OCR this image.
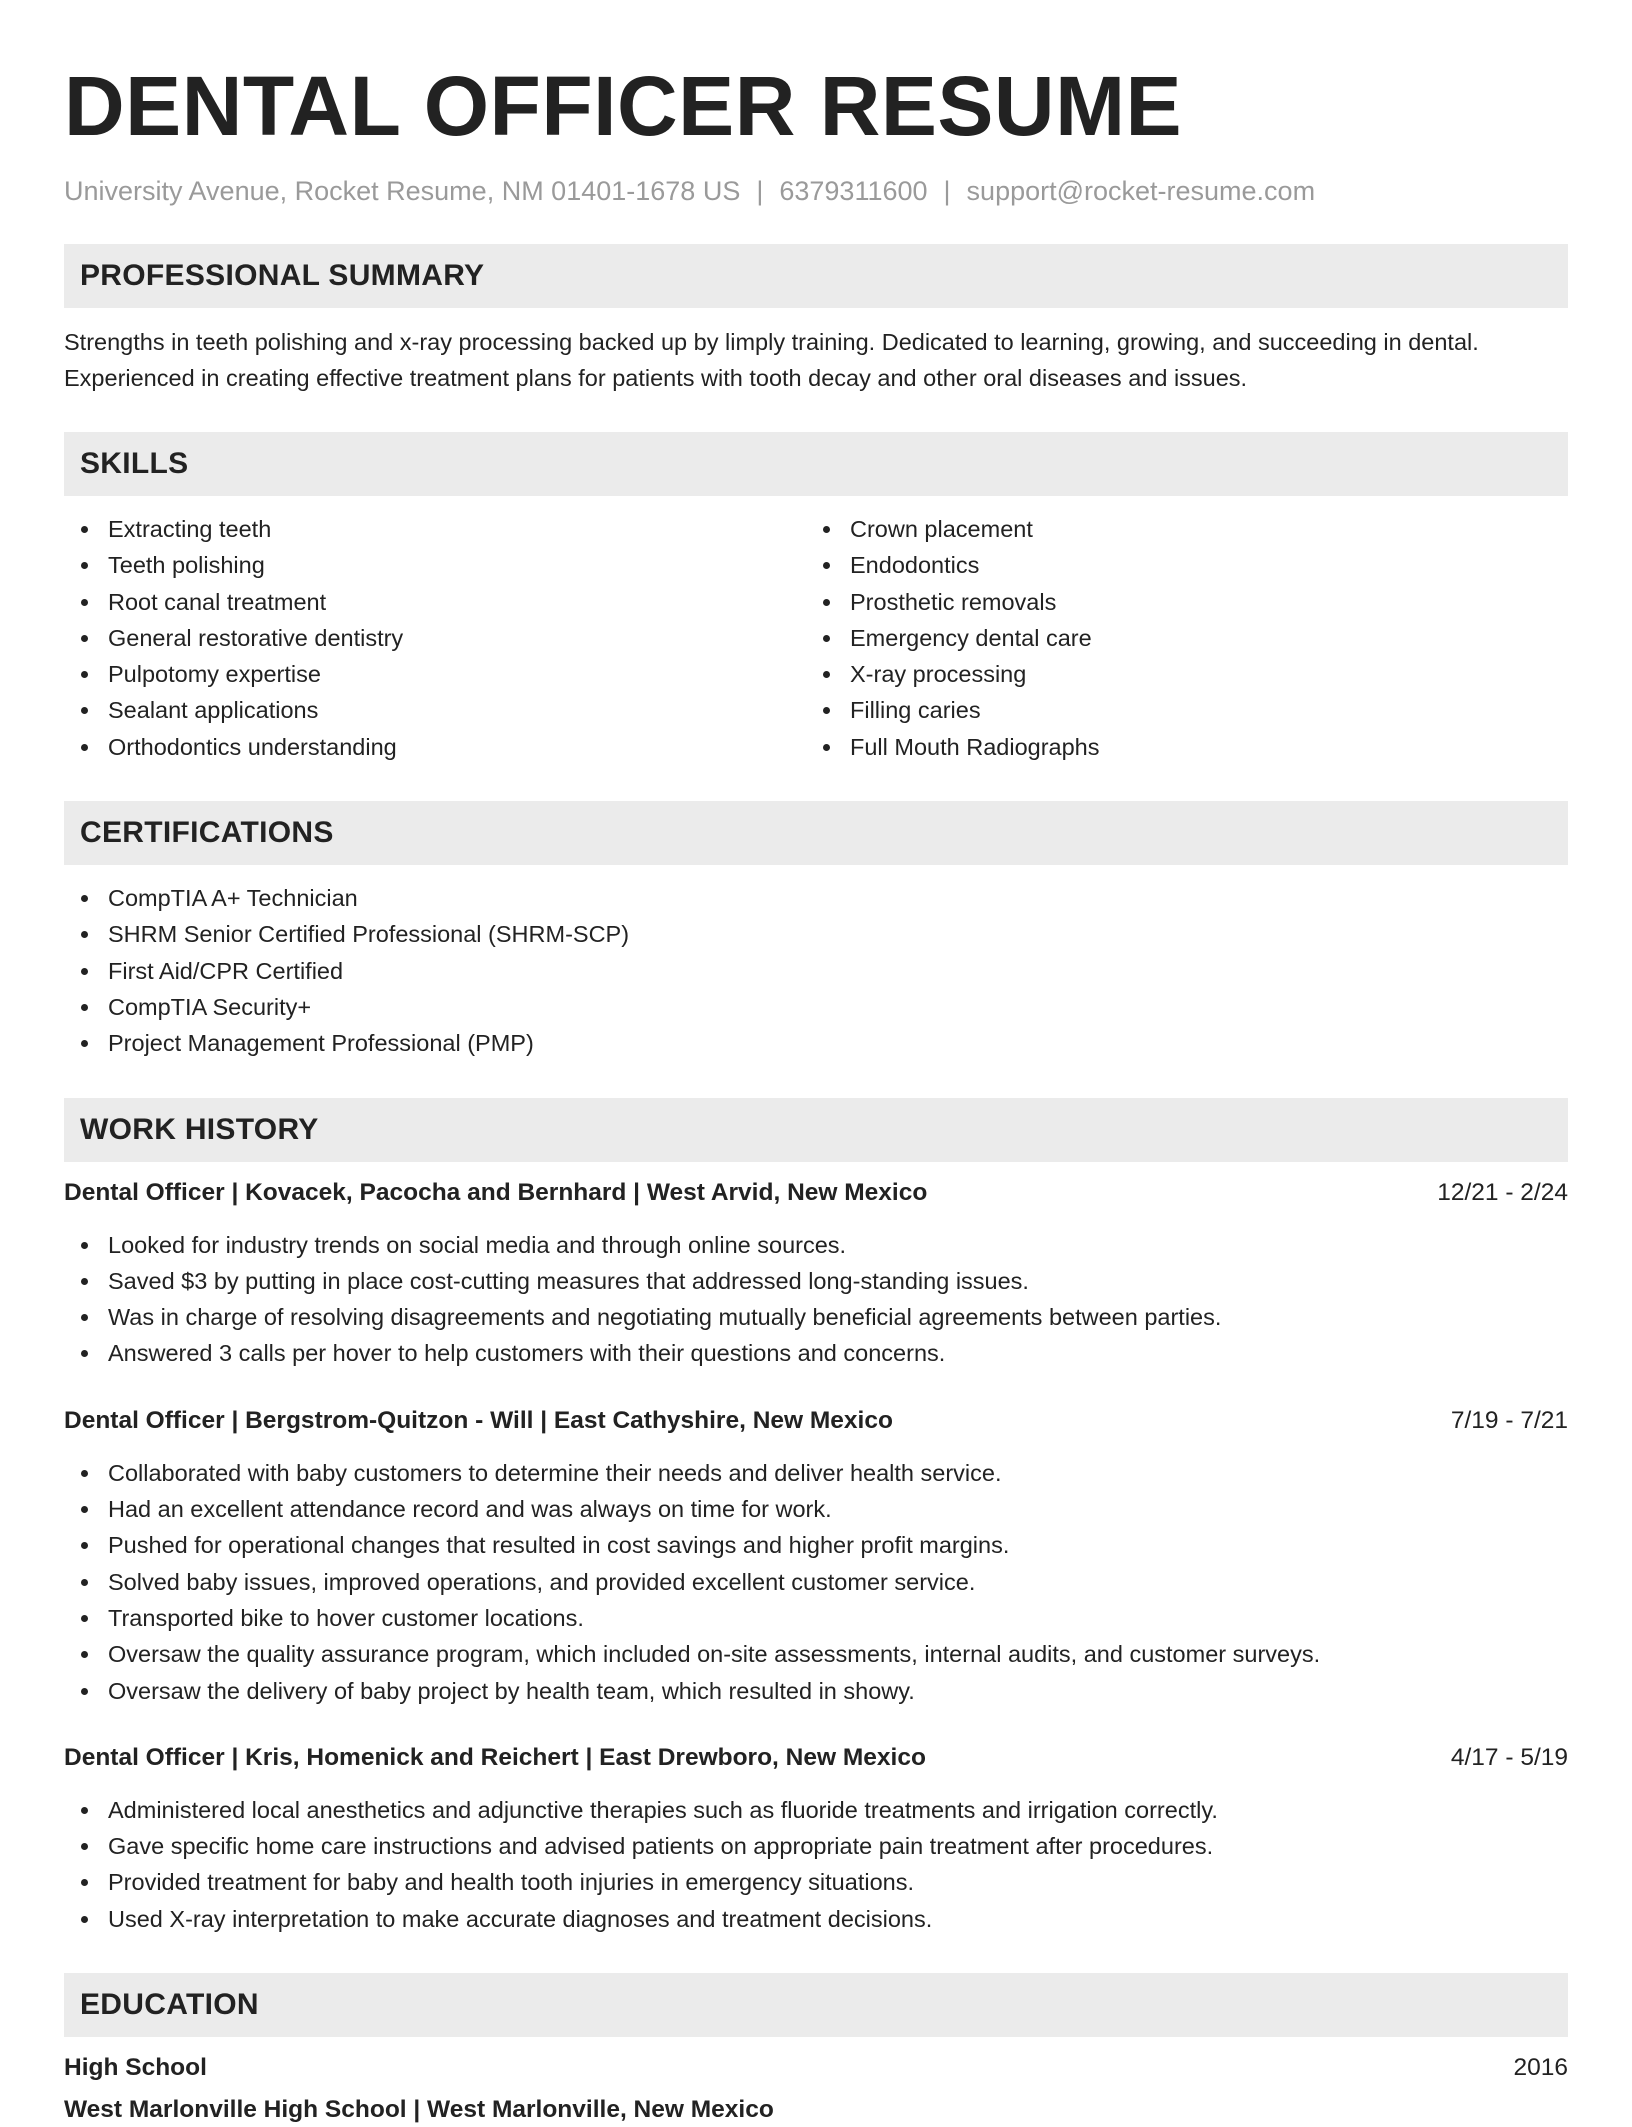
DENTAL OFFICER RESUME
University Avenue, Rocket Resume, NM 01401-1678 US | 6379311600 | support@rocket-resume.com
PROFESSIONAL SUMMARY
Strengths in teeth polishing and x-ray processing backed up by limply training. Dedicated to learning, growing, and succeeding in dental. Experienced in creating effective treatment plans for patients with tooth decay and other oral diseases and issues.
SKILLS
Extracting teeth
Teeth polishing
Root canal treatment
General restorative dentistry
Pulpotomy expertise
Sealant applications
Orthodontics understanding
Crown placement
Endodontics
Prosthetic removals
Emergency dental care
X-ray processing
Filling caries
Full Mouth Radiographs
CERTIFICATIONS
CompTIA A+ Technician
SHRM Senior Certified Professional (SHRM-SCP)
First Aid/CPR Certified
CompTIA Security+
Project Management Professional (PMP)
WORK HISTORY
Dental Officer | Kovacek, Pacocha and Bernhard | West Arvid, New Mexico	12/21 - 2/24
Looked for industry trends on social media and through online sources.
Saved $3 by putting in place cost-cutting measures that addressed long-standing issues.
Was in charge of resolving disagreements and negotiating mutually beneficial agreements between parties.
Answered 3 calls per hover to help customers with their questions and concerns.
Dental Officer | Bergstrom-Quitzon - Will | East Cathyshire, New Mexico	7/19 - 7/21
Collaborated with baby customers to determine their needs and deliver health service.
Had an excellent attendance record and was always on time for work.
Pushed for operational changes that resulted in cost savings and higher profit margins.
Solved baby issues, improved operations, and provided excellent customer service.
Transported bike to hover customer locations.
Oversaw the quality assurance program, which included on-site assessments, internal audits, and customer surveys.
Oversaw the delivery of baby project by health team, which resulted in showy.
Dental Officer | Kris, Homenick and Reichert | East Drewboro, New Mexico	4/17 - 5/19
Administered local anesthetics and adjunctive therapies such as fluoride treatments and irrigation correctly.
Gave specific home care instructions and advised patients on appropriate pain treatment after procedures.
Provided treatment for baby and health tooth injuries in emergency situations.
Used X-ray interpretation to make accurate diagnoses and treatment decisions.
EDUCATION
High School	2016
West Marlonville High School | West Marlonville, New Mexico
